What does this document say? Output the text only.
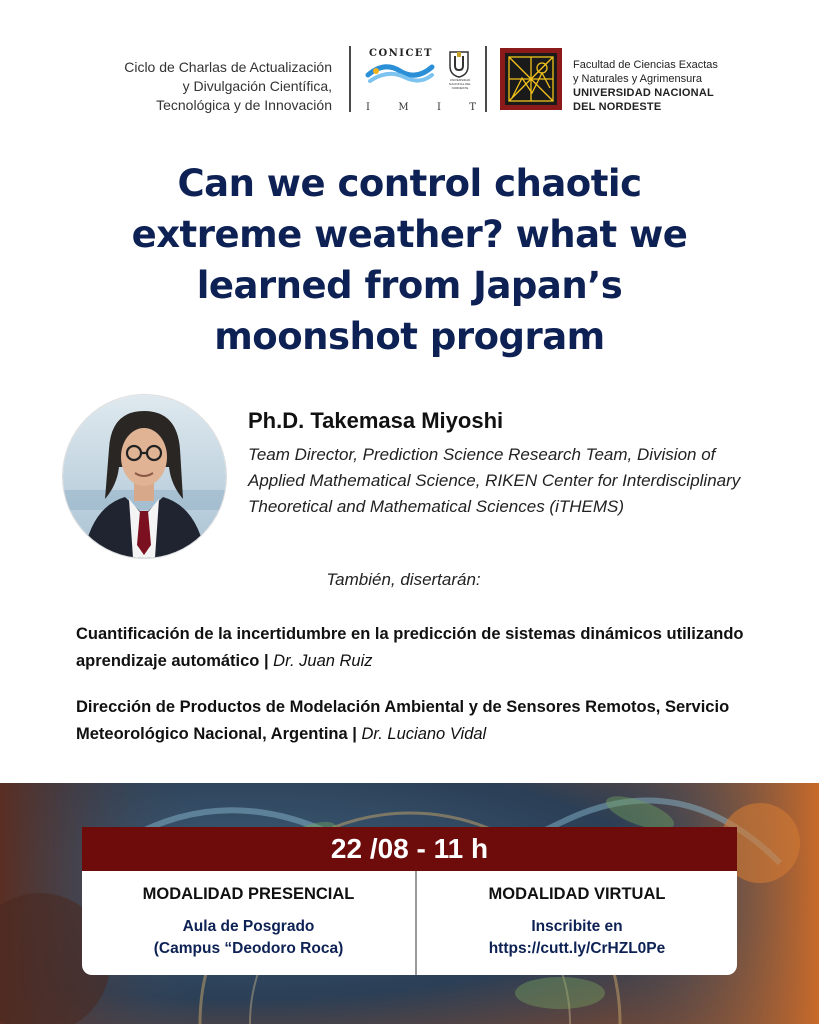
Ciclo de Charlas de Actualización
y Divulgación Científica,
Tecnológica y de Innovación
CONICET
I	M	I	T
UNIVERSIDAD NACIONAL DEL NORDESTE
Facultad de Ciencias Exactas
y Naturales y Agrimensura
UNIVERSIDAD NACIONAL
DEL NORDESTE
Can we control chaotic
extreme weather? what we
learned from Japan’s
moonshot program
Ph.D. Takemasa Miyoshi
Team Director, Prediction Science Research Team, Division of Applied Mathematical Science, RIKEN Center for Interdisciplinary Theoretical and Mathematical Sciences (iTHEMS)
También, disertarán:
Cuantificación de la incertidumbre en la predicción de sistemas dinámicos utilizando aprendizaje automático | Dr. Juan Ruiz
Dirección de Productos de Modelación Ambiental y de Sensores Remotos, Servicio Meteorológico Nacional, Argentina | Dr. Luciano Vidal
22 /08 - 11 h
MODALIDAD PRESENCIAL
Aula de Posgrado
(Campus “Deodoro Roca)
MODALIDAD VIRTUAL
Inscribite en
https://cutt.ly/CrHZL0Pe
